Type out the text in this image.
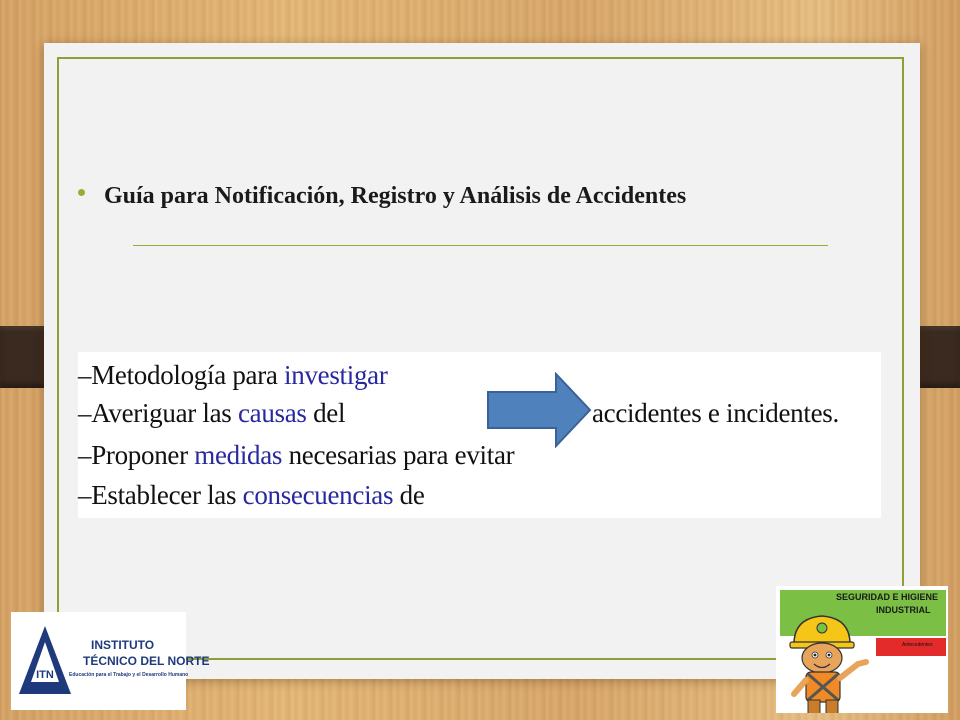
Guía para Notificación, Registro y Análisis de Accidentes
–Metodología para investigar
–Averiguar las causas del
–Proponer medidas necesarias para evitar
–Establecer las consecuencias de
accidentes e incidentes.
ITN
INSTITUTO
TÉCNICO DEL NORTE
Educación para el Trabajo y el Desarrollo Humano
SEGURIDAD E HIGIENE
INDUSTRIAL
Antecedentes
